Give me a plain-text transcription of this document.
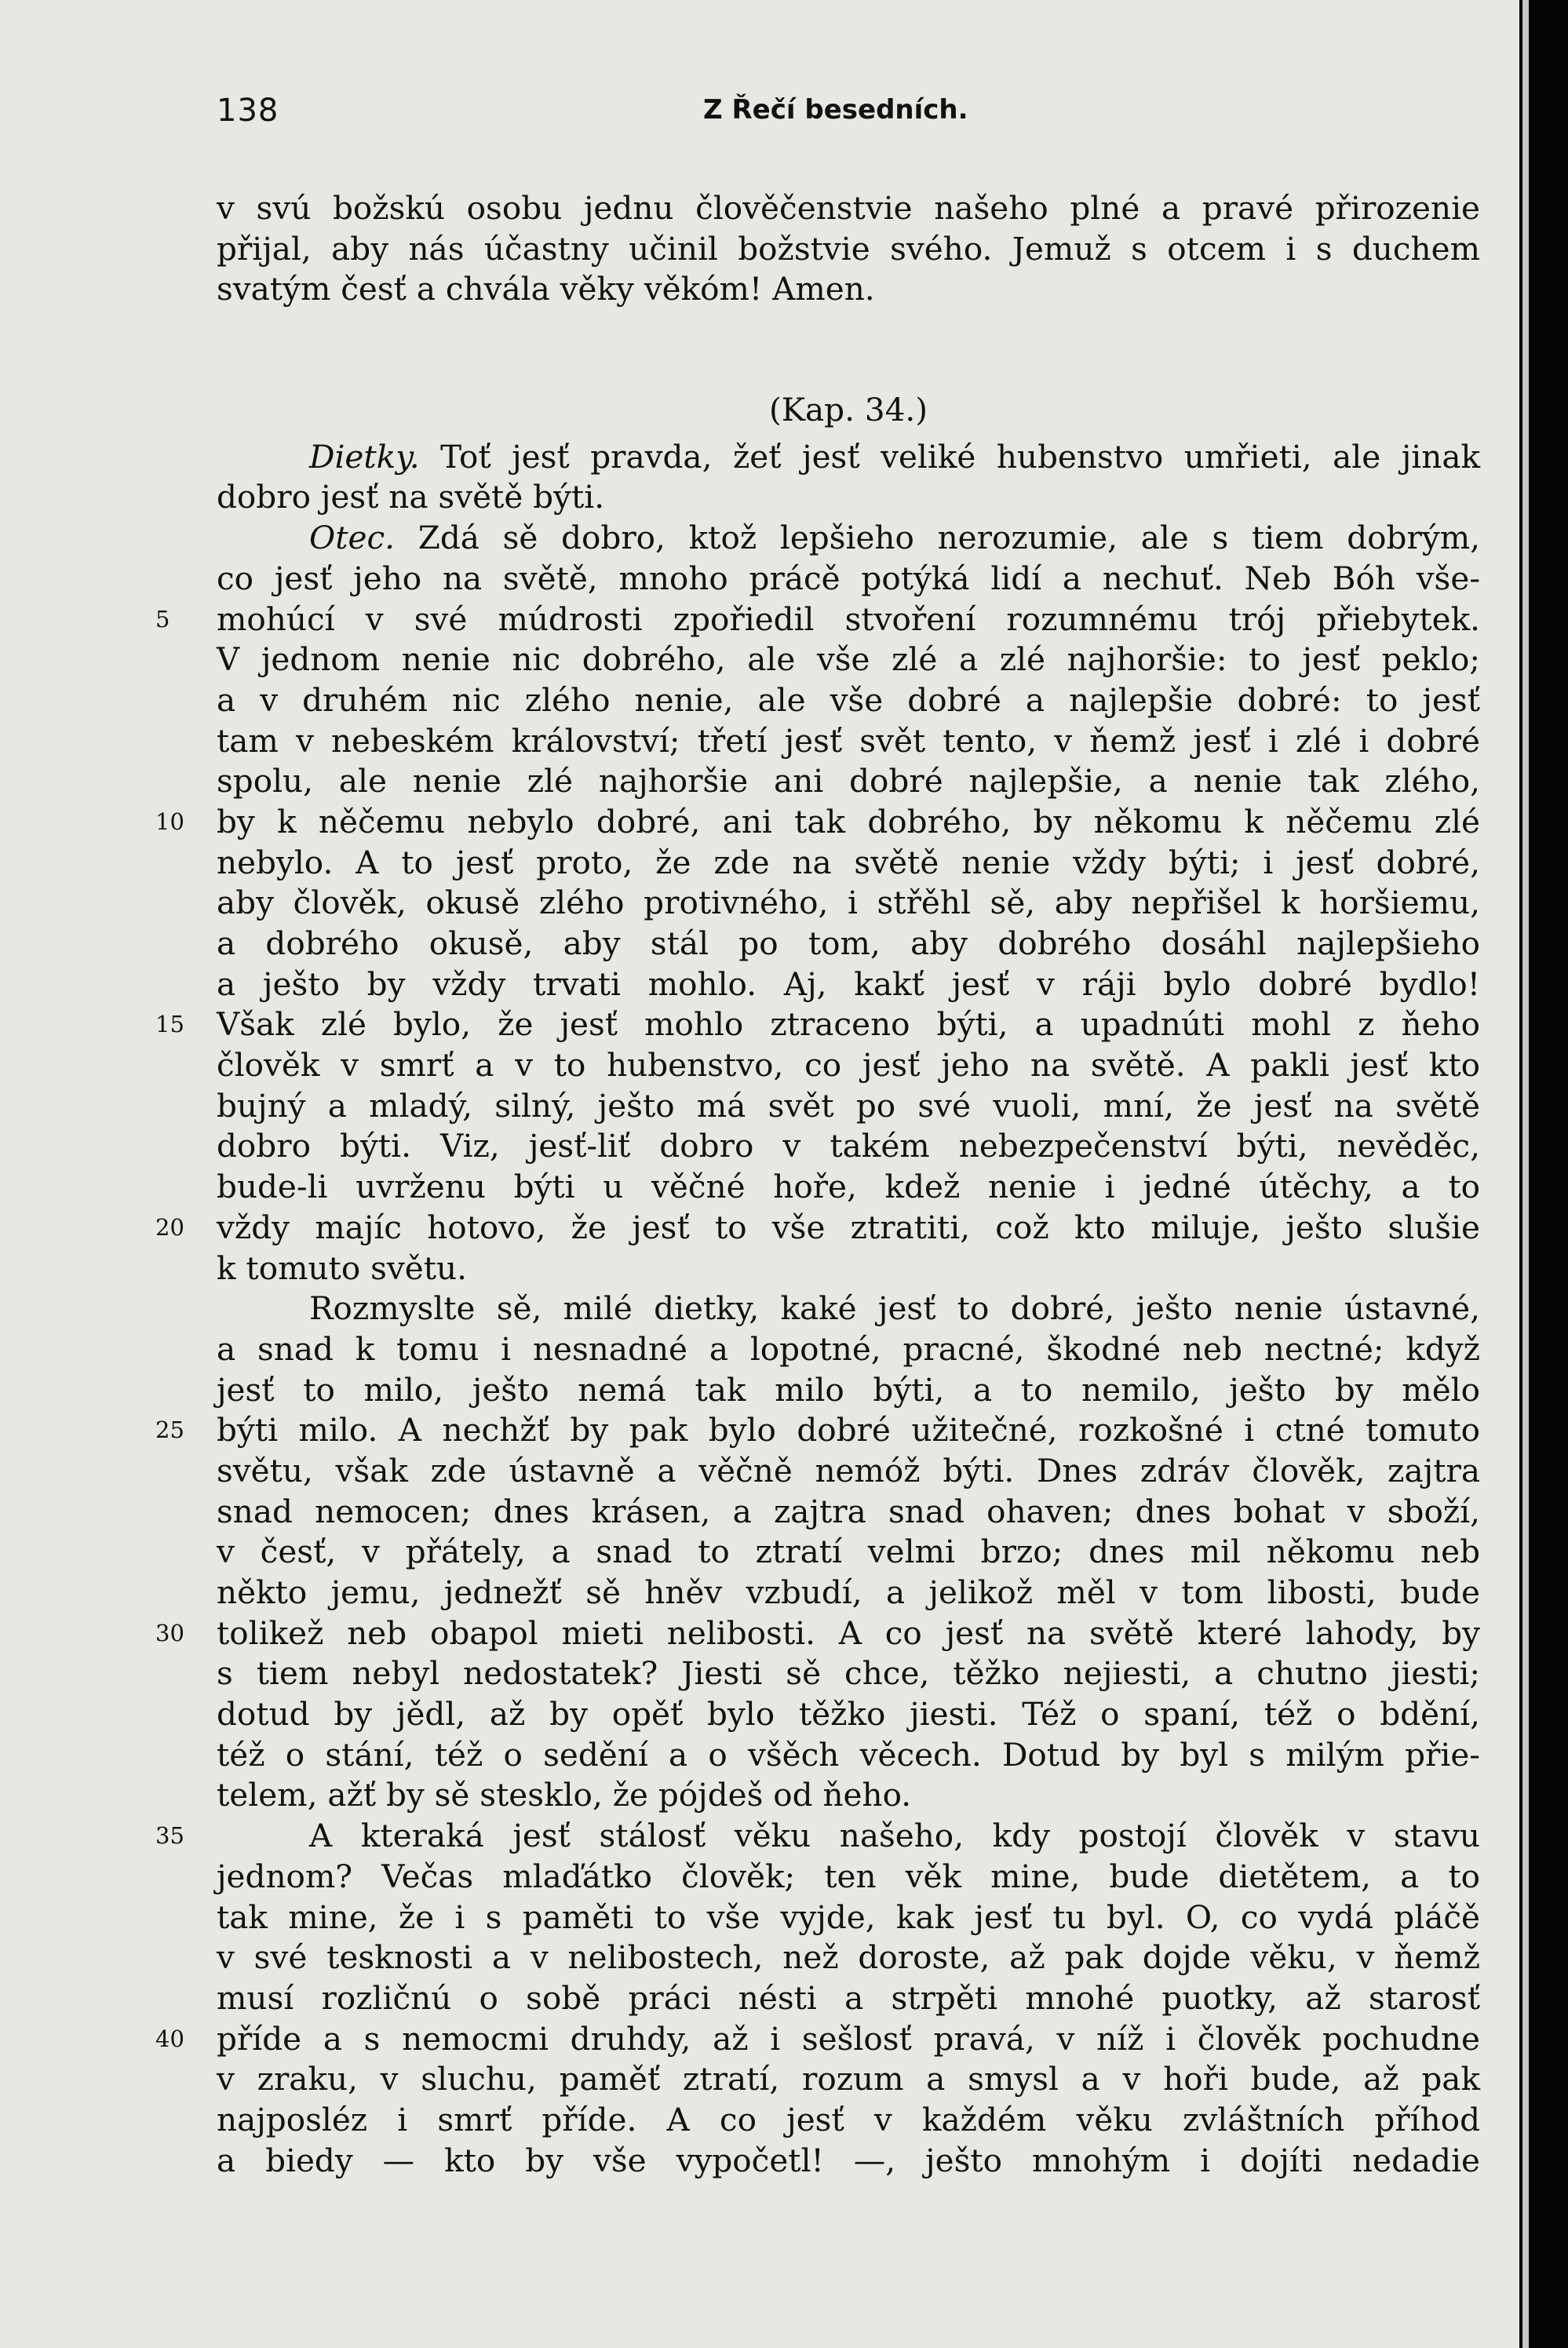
138	Z Řečí besedních.
v svú božskú osobu jednu člověčenstvie našeho plné a pravé přirozenie
přijal, aby nás účastny učinil božstvie svého. Jemuž s otcem i s duchem
svatým česť a chvála věky věkóm! Amen.
(Kap. 34.)
Dietky. Toť jesť pravda, žeť jesť veliké hubenstvo umřieti, ale jinak
dobro jesť na světě býti.
Otec. Zdá sě dobro, ktož lepšieho nerozumie, ale s tiem dobrým,
co jesť jeho na světě, mnoho prácě potýká lidí a nechuť. Neb Bóh vše-
5 mohúcí v své múdrosti zpořiedil stvoření rozumnému trój přiebytek.
V jednom nenie nic dobrého, ale vše zlé a zlé najhoršie: to jesť peklo;
a v druhém nic zlého nenie, ale vše dobré a najlepšie dobré: to jesť
tam v nebeském království; třetí jesť svět tento, v ňemž jesť i zlé i dobré
spolu, ale nenie zlé najhoršie ani dobré najlepšie, a nenie tak zlého,
10 by k něčemu nebylo dobré, ani tak dobrého, by někomu k něčemu zlé
nebylo. A to jesť proto, že zde na světě nenie vždy býti; i jesť dobré,
aby člověk, okusě zlého protivného, i střěhl sě, aby nepřišel k horšiemu,
a dobrého okusě, aby stál po tom, aby dobrého dosáhl najlepšieho
a ješto by vždy trvati mohlo. Aj, kakť jesť v ráji bylo dobré bydlo!
15 Však zlé bylo, že jesť mohlo ztraceno býti, a upadnúti mohl z ňeho
člověk v smrť a v to hubenstvo, co jesť jeho na světě. A pakli jesť kto
bujný a mladý, silný, ješto má svět po své vuoli, mní, že jesť na světě
dobro býti. Viz, jesť-liť dobro v takém nebezpečenství býti, nevěděc,
bude-li uvrženu býti u věčné hoře, kdež nenie i jedné útěchy, a to
20 vždy majíc hotovo, že jesť to vše ztratiti, což kto miluje, ješto slušie
k tomuto světu.
Rozmyslte sě, milé dietky, kaké jesť to dobré, ješto nenie ústavné,
a snad k tomu i nesnadné a lopotné, pracné, škodné neb nectné; když
jesť to milo, ješto nemá tak milo býti, a to nemilo, ješto by mělo
25 býti milo. A nechžť by pak bylo dobré užitečné, rozkošné i ctné tomuto
světu, však zde ústavně a věčně nemóž býti. Dnes zdráv člověk, zajtra
snad nemocen; dnes krásen, a zajtra snad ohaven; dnes bohat v sboží,
v česť, v přátely, a snad to ztratí velmi brzo; dnes mil někomu neb
někto jemu, jednežť sě hněv vzbudí, a jelikož měl v tom libosti, bude
30 tolikež neb obapol mieti nelibosti. A co jesť na světě které lahody, by
s tiem nebyl nedostatek? Jiesti sě chce, těžko nejiesti, a chutno jiesti;
dotud by jědl, až by opěť bylo těžko jiesti. Též o spaní, též o bdění,
též o stání, též o sedění a o všěch věcech. Dotud by byl s milým přie-
telem, ažť by sě stesklo, že pójdeš od ňeho.
35	A kteraká jesť stálosť věku našeho, kdy postojí člověk v stavu
jednom? Večas mlaďátko člověk; ten věk mine, bude dietětem, a to
tak mine, že i s paměti to vše vyjde, kak jesť tu byl. O, co vydá pláčě
v své tesknosti a v nelibostech, než doroste, až pak dojde věku, v ňemž
musí rozličnú o sobě práci nésti a strpěti mnohé puotky, až starosť
40 příde a s nemocmi druhdy, až i sešlosť pravá, v níž i člověk pochudne
v zraku, v sluchu, paměť ztratí, rozum a smysl a v hoři bude, až pak
najposléz i smrť příde. A co jesť v každém věku zvláštních příhod
a biedy — kto by vše vypočetl! —, ješto mnohým i dojíti nedadie
